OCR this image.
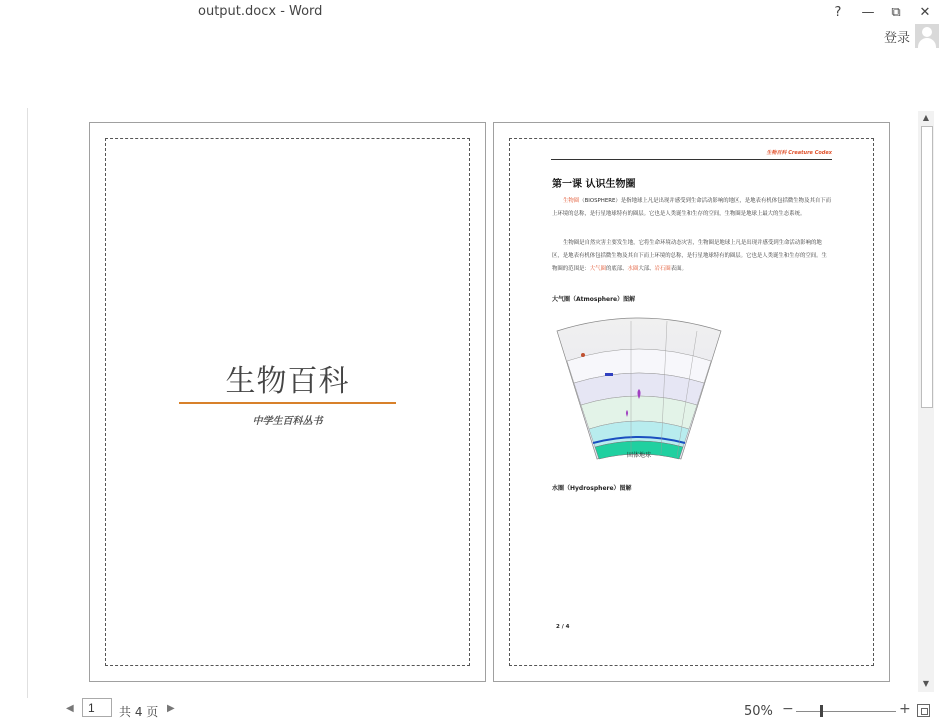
output.docx - Word	?	—	⧉	✕
登录
生物百科
中学生百科丛书
生物百科 Creature Codex
第一课 认识生物圈
生物圈（BIOSPHERE）是指地球上凡是出现并感受到生命活动影响的地区，是地表有机体包括微生物及其自下而上环境的总称，是行星地球特有的圈层。它也是人类诞生和生存的空间，生物圈是地球上最大的生态系统。
生物圈是自然灾害主要发生地，它将生命环境动态灾害，生物圈是地球上凡是出现并感受到生命活动影响的地区，是地表有机体包括微生物及其自下而上环境的总称，是行星地球特有的圈层。它也是人类诞生和生存的空间。生物圈的范围是：大气圈的底部、水圈大部、岩石圈表面。
大气圈（Atmosphere）图解
固体地球
水圈（Hydrosphere）图解
2 / 4
▲
▼
◀
1	共 4 页 ▶	50% −	+
